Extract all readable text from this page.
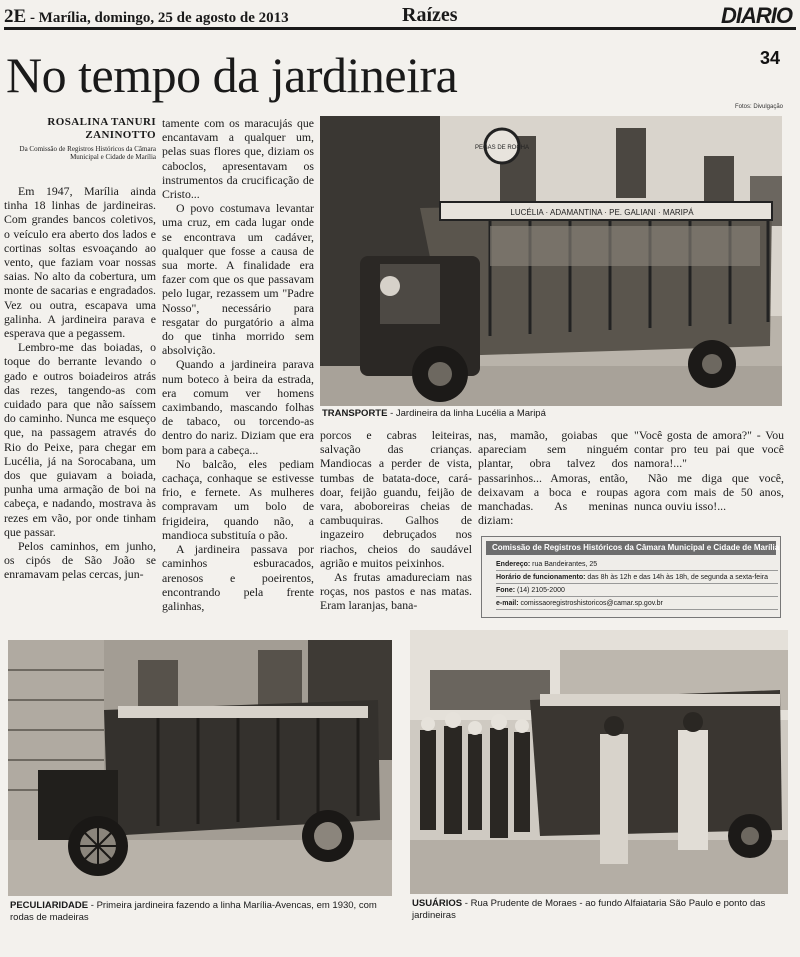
2E - Marília, domingo, 25 de agosto de 2013	Raízes	DIARIO
34
No tempo da jardineira
Fotos: Divulgação
ROSALINA TANURI
ZANINOTTO
Da Comissão de Registros Históricos da Câmara Municipal e Cidade de Marília

Em 1947, Marília ainda tinha 18 linhas de jardineiras. Com grandes bancos coletivos, o veículo era aberto dos lados e cortinas soltas esvoaçando ao vento, que faziam voar nossas saias. No alto da cobertura, um monte de sacarias e engradados. Vez ou outra, escapava uma galinha. A jardineira parava e esperava que a pegassem.

Lembro-me das boiadas, o toque do berrante levando o gado e outros boiadeiros atrás das rezes, tangendo-as com cuidado para que não saíssem do caminho. Nunca me esqueço que, na passagem através do Rio do Peixe, para chegar em Lucélia, já na Sorocabana, um dos que guiavam a boiada, punha uma armação de boi na cabeça, e nadando, mostrava às rezes em vão, por onde tinham que passar.

Pelos caminhos, em junho, os cipós de São João se enramavam pelas cercas, jun-

tamente com os maracujás que encantavam a qualquer um, pelas suas flores que, diziam os caboclos, apresentavam os instrumentos da crucificação de Cristo...

O povo costumava levantar uma cruz, em cada lugar onde se encontrava um cadáver, qualquer que fosse a causa de sua morte. A finalidade era fazer com que os que passavam pelo lugar, rezassem um "Padre Nosso", necessário para resgatar do purgatório a alma do que tinha morrido sem absolvição.

Quando a jardineira parava num boteco à beira da estrada, era comum ver homens caximbando, mascando folhas de tabaco, ou torcendo-as dentro do nariz. Diziam que era bom para a cabeça...

No balcão, eles pediam cachaça, conhaque se estivesse frio, e fernete. As mulheres compravam um bolo de frigideira, quando não, a mandioca substituía o pão.

A jardineira passava por caminhos esburacados, arenosos e poeirentos, encontrando pela frente galinhas,

LUCÉLIA · ADAMANTINA · PE. GALIANI · MARIPÁ
PEGAS DE ROCHA
TRANSPORTE - Jardineira da linha Lucélia a Maripá

porcos e cabras leiteiras, salvação das crianças. Mandiocas a perder de vista, tumbas de batata-doce, cará-doar, feijão guandu, feijão de vara, aboboreiras cheias de cambuquiras. Galhos de ingazeiro debruçados nos riachos, cheios do saudável agrião e muitos peixinhos.

As frutas amadureciam nas roças, nos pastos e nas matas. Eram laranjas, bana-

nas, mamão, goiabas que apareciam sem ninguém plantar, obra talvez dos passarinhos... Amoras, então, deixavam a boca e roupas manchadas. As meninas diziam:

"Você gosta de amora?" - Vou contar pro teu pai que você namora!..."

Não me diga que você, agora com mais de 50 anos, nunca ouviu isso!...

Comissão de Registros Históricos da Câmara Municipal e Cidade de Marília
Endereço: rua Bandeirantes, 25
Horário de funcionamento: das 8h às 12h e das 14h às 18h, de segunda a sexta-feira
Fone: (14) 2105-2000
e-mail: comissaoregistroshistoricos@camar.sp.gov.br
PECULIARIDADE - Primeira jardineira fazendo a linha Marília-Avencas, em 1930, com rodas de madeiras
USUÁRIOS - Rua Prudente de Moraes - ao fundo Alfaiataria São Paulo e ponto das jardineiras
